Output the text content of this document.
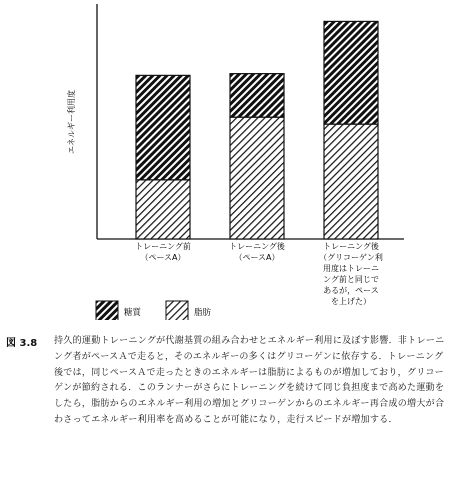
エネルギー利用度
トレーニング前（ペースA）
トレーニング後（ペースA）
トレーニング後（グリコーゲン利用度はトレーニング前と同じであるが，ペースを上げた）
糖質	脂肪
図 3.8 持久的運動トレーニングが代謝基質の組み合わせとエネルギー利用に及ぼす影響．非トレーニング者がペースＡで走ると，そのエネルギーの多くはグリコーゲンに依存する．トレーニング後では，同じペースＡで走ったときのエネルギーは脂肪によるものが増加しており，グリコーゲンが節約される．このランナーがさらにトレーニングを続けて同じ負担度まで高めた運動をしたら，脂肪からのエネルギー利用の増加とグリコーゲンからのエネルギー再合成の増大が合わさってエネルギー利用率を高めることが可能になり，走行スピードが増加する．
